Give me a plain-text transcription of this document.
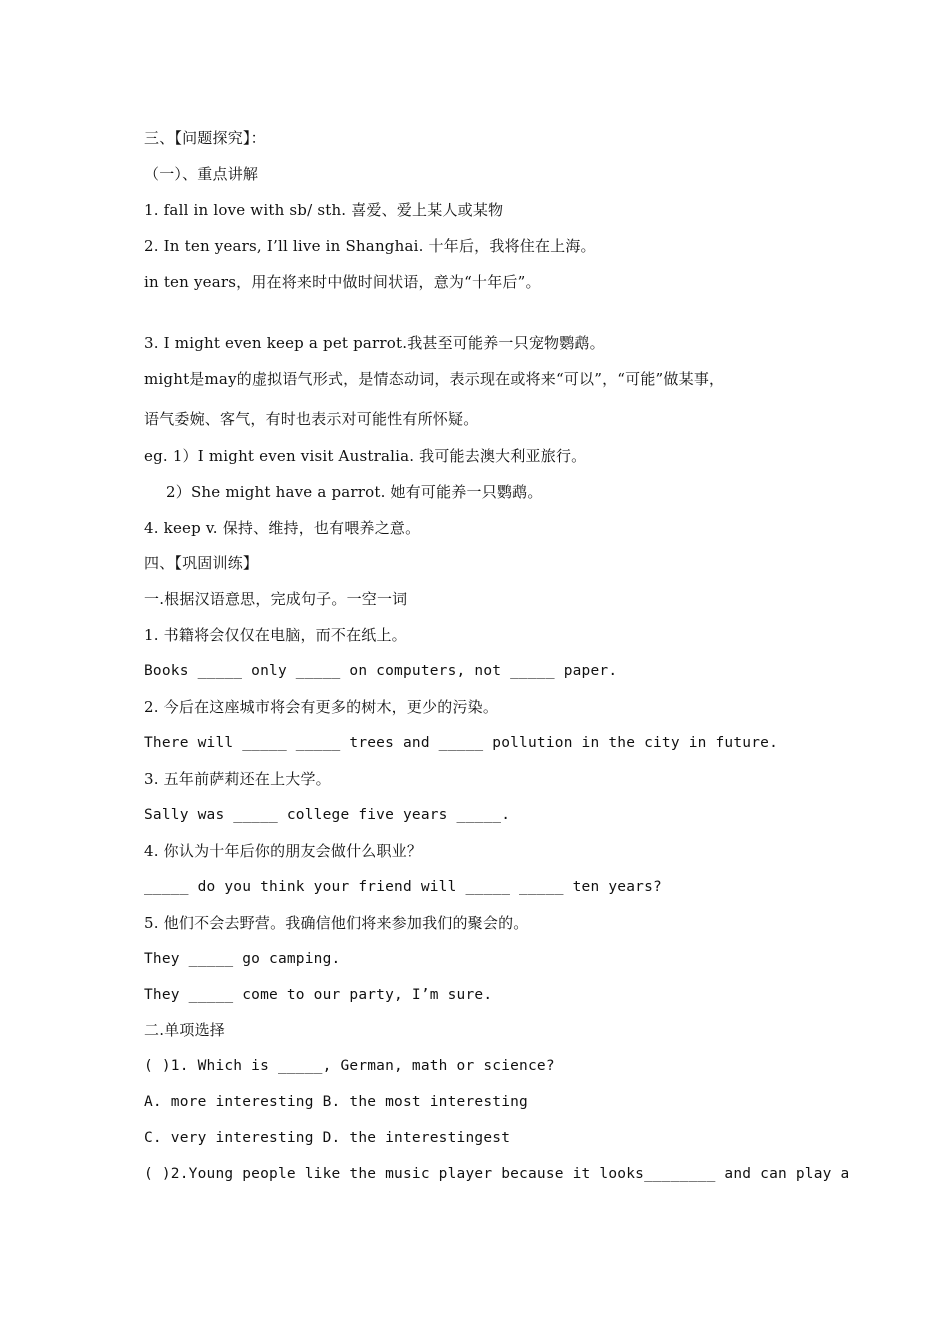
三、【问题探究】：
（一）、重点讲解
1. fall in love with sb/ sth. 喜爱、爱上某人或某物
2. In ten years, I’ll live in Shanghai. 十年后，我将住在上海。
in ten years，用在将来时中做时间状语，意为“十年后”。
3. I might even keep a pet parrot.我甚至可能养一只宠物鹦鹉。
might是may的虚拟语气形式，是情态动词，表示现在或将来“可以”，“可能”做某事，
语气委婉、客气，有时也表示对可能性有所怀疑。
eg. 1）I might even visit Australia. 我可能去澳大利亚旅行。
2）She might have a parrot. 她有可能养一只鹦鹉。
4. keep v. 保持、维持，也有喂养之意。
四、【巩固训练】
一.根据汉语意思，完成句子。一空一词
1. 书籍将会仅仅在电脑，而不在纸上。
Books _____ only _____ on computers, not _____ paper.
2. 今后在这座城市将会有更多的树木，更少的污染。
There will _____ _____ trees and _____ pollution in the city in future.
3. 五年前萨莉还在上大学。
Sally was _____ college five years _____.
4. 你认为十年后你的朋友会做什么职业？
_____ do you think your friend will _____ _____ ten years?
5. 他们不会去野营。我确信他们将来参加我们的聚会的。
They _____ go camping.
They _____ come to our party, I’m sure.
二.单项选择
( )1. Which is _____, German, math or science?
A. more interesting B. the most interesting
C. very interesting D. the interestingest
( )2.Young people like the music player because it looks________ and can play a
